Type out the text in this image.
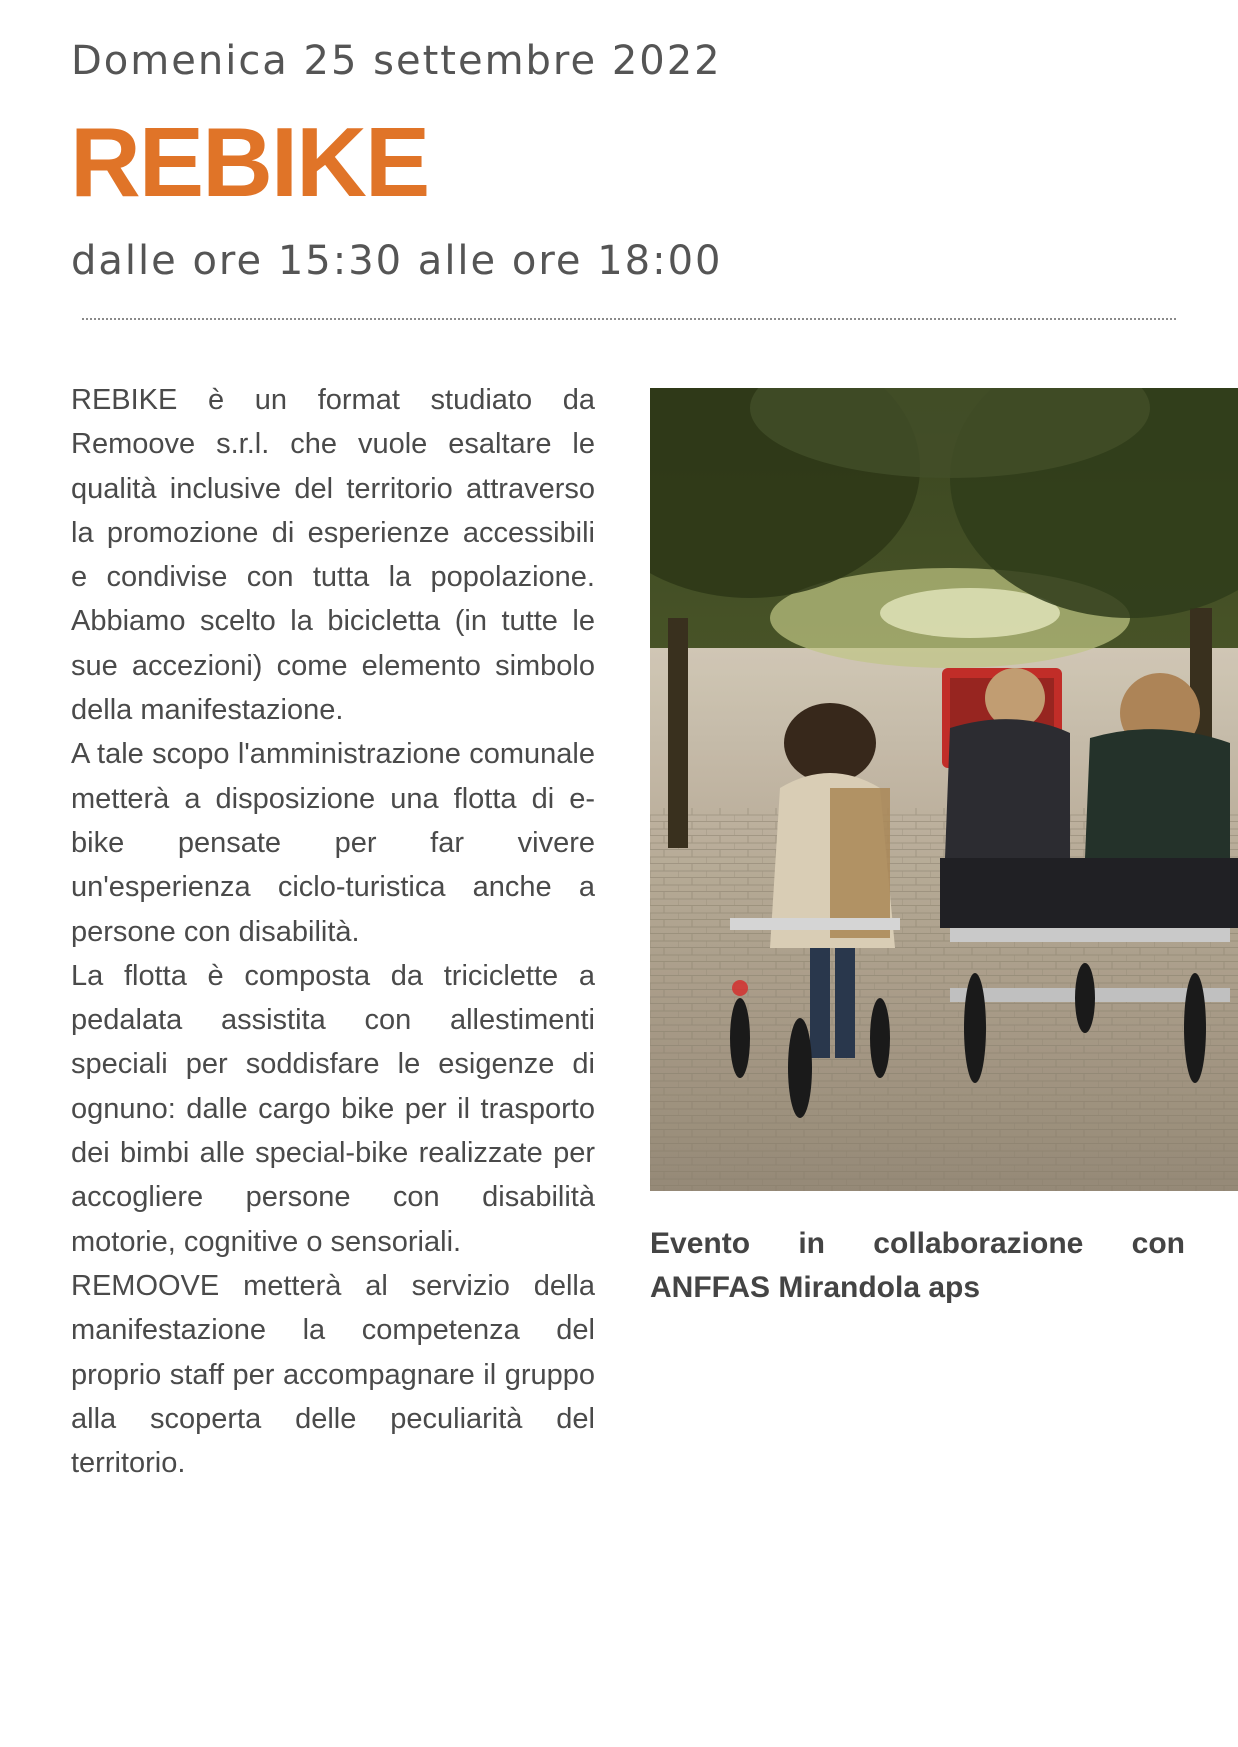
Domenica 25 settembre 2022
REBIKE
dalle ore 15:30 alle ore 18:00

REBIKE è un format studiato da Remoove s.r.l. che vuole esaltare le qualità inclusive del territorio attraverso la promozione di esperienze accessibili e condivise con tutta la popolazione. Abbiamo scelto la bicicletta (in tutte le sue accezioni) come elemento simbolo della manifestazione.

A tale scopo l'amministrazione comunale metterà a disposizione una flotta di e-bike pensate per far vivere un'esperienza ciclo-turistica anche a persone con disabilità.

La flotta è composta da triciclette a pedalata assistita con allestimenti speciali per soddisfare le esigenze di ognuno: dalle cargo bike per il trasporto dei bimbi alle special-bike realizzate per accogliere persone con disabilità motorie, cognitive o sensoriali.

REMOOVE metterà al servizio della manifestazione la competenza del proprio staff per accompagnare il gruppo alla scoperta delle peculiarità del territorio.

Evento in collaborazione con
ANFFAS Mirandola aps
